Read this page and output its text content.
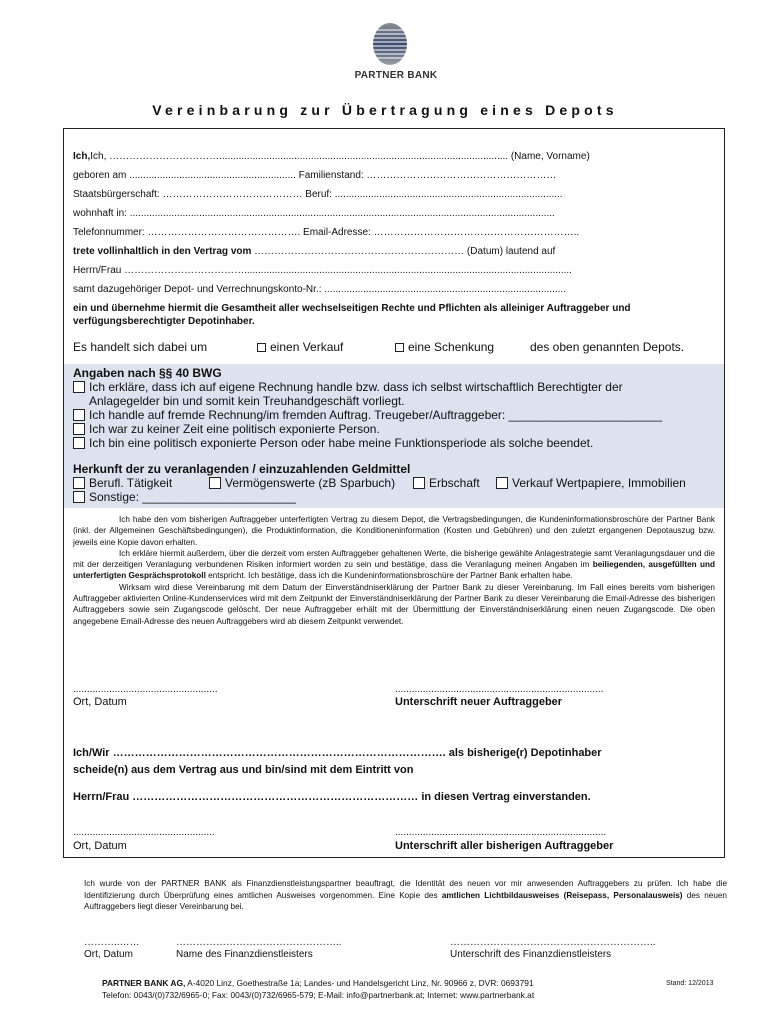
PARTNER BANK
Vereinbarung zur Übertragung eines Depots
Ich,Ich, ……………………………........................................................................................................ (Name, Vorname)
geboren am ............................................................ Familienstand: …………………………………………………
Staatsbürgerschaft: …………………………………… Beruf: ..................................................................................
wohnhaft in: .........................................................................................................................................................
Telefonnummer: ………………………………………. Email-Adresse: ……………………………………………………..
trete vollinhaltlich in den Vertrag vom ……………………………………………………… (Datum) lautend auf
Herrn/Frau ………………………………......................................................................................................................
samt dazugehöriger Depot- und Verrechnungskonto-Nr.: .......................................................................................
ein und übernehme hiermit die Gesamtheit aller wechselseitigen Rechte und Pflichten als alleiniger Auftraggeber und verfügungsberechtigter Depotinhaber.
Es handelt sich dabei um	einen Verkauf	eine Schenkung	des oben genannten Depots.
Angaben nach §§ 40 BWG
Ich erkläre, dass ich auf eigene Rechnung handle bzw. dass ich selbst wirtschaftlich Berechtigter der
Anlagegelder bin und somit kein Treuhandgeschäft vorliegt.
Ich handle auf fremde Rechnung/im fremden Auftrag. Treugeber/Auftraggeber: _______________________
Ich war zu keiner Zeit eine politisch exponierte Person.
Ich bin eine politisch exponierte Person oder habe meine Funktionsperiode als solche beendet.
Herkunft der zu veranlagenden / einzuzahlenden Geldmittel
Berufl. Tätigkeit	Vermögenswerte (zB Sparbuch)	Erbschaft	Verkauf Wertpapiere, Immobilien
Sonstige: _______________________

Ich habe den vom bisherigen Auftraggeber unterfertigten Vertrag zu diesem Depot, die Vertragsbedingungen, die Kundeninformationsbroschüre der Partner Bank (inkl. der Allgemeinen Geschäftsbedingungen), die Produktinformation, die Konditioneninformation (Kosten und Gebühren) und den zuletzt ergangenen Depotauszug bzw. jeweils eine Kopie davon erhalten.

Ich erkläre hiermit außerdem, über die derzeit vom ersten Auftraggeber gehaltenen Werte, die bisherige gewählte Anlagestrategie samt Veranlagungsdauer und die mit der derzeitigen Veranlagung verbundenen Risiken informiert worden zu sein und bestätige, dass die Veranlagung meinen Angaben im beiliegenden, ausgefüllten und unterfertigten Gesprächsprotokoll entspricht. Ich bestätige, dass ich die Kundeninformationsbroschüre der Partner Bank erhalten habe.

Wirksam wird diese Vereinbarung mit dem Datum der Einverständniserklärung der Partner Bank zu dieser Vereinbarung. Im Fall eines bereits vom bisherigen Auftraggeber aktivierten Online-Kundenservices wird mit dem Zeitpunkt der Einverständniserklärung der Partner Bank zu dieser Vereinbarung die Email-Adresse des bisherigen Auftraggebers sowie sein Zugangscode gelöscht. Der neue Auftraggeber erhält mit der Übermittlung der Einverständniserklärung einen neuen Zugangscode. Die oben angegebene Email-Adresse des neuen Auftraggebers wird ab diesem Zeitpunkt verwendet.

....................................................
Ort, Datum
...........................................................................
Unterschrift neuer Auftraggeber
Ich/Wir ………………………………………………………………………………. als bisherige(r) Depotinhaber
scheide(n) aus dem Vertrag aus und bin/sind mit dem Eintritt von
Herrn/Frau …………………………………………………………………… in diesen Vertrag einverstanden.
...................................................
Ort, Datum
............................................................................
Unterschrift aller bisherigen Auftraggeber
Ich wurde von der PARTNER BANK als Finanzdienstleistungspartner beauftragt, die Identität des neuen vor mir anwesenden Auftraggebers zu prüfen. Ich habe die Identifizierung durch Überprüfung eines amtlichen Ausweises vorgenommen. Eine Kopie des amtlichen Lichtbildausweises (Reisepass, Personalausweis) des neuen Auftraggebers liegt dieser Vereinbarung bei.
………..……	…………………………………………..	……………………………………………………..
Ort, Datum	Name des Finanzdienstleisters	Unterschrift des Finanzdienstleisters
PARTNER BANK AG, A-4020 Linz, Goethestraße 1a; Landes- und Handelsgericht Linz, Nr. 90966 z, DVR: 0693791
Telefon: 0043/(0)732/6965-0; Fax: 0043/(0)732/6965-579; E-Mail: info@partnerbank.at; Internet: www.partnerbank.at
Stand: 12/2013
